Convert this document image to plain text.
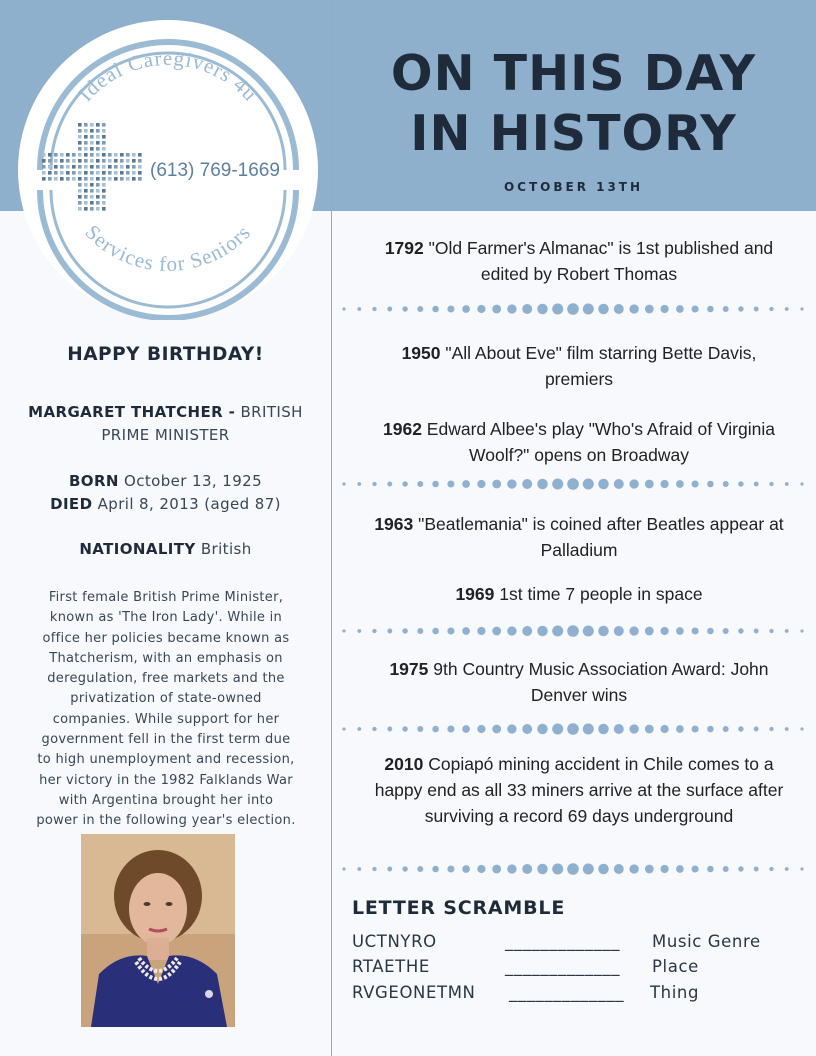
Ideal Caregivers 4u
Services for Seniors
(613) 769-1669
ON THIS DAY
IN HISTORY
OCTOBER 13TH
1792 "Old Farmer's Almanac" is 1st published and
edited by Robert Thomas
1950 "All About Eve" film starring Bette Davis,
premiers
1962 Edward Albee's play "Who's Afraid of Virginia
Woolf?" opens on Broadway
1963 "Beatlemania" is coined after Beatles appear at
Palladium
1969 1st time 7 people in space
1975 9th Country Music Association Award: John
Denver wins
2010 Copiapó mining accident in Chile comes to a
happy end as all 33 miners arrive at the surface after
surviving a record 69 days underground
HAPPY BIRTHDAY!
MARGARET THATCHER - BRITISH
PRIME MINISTER
BORN October 13, 1925
DIED April 8, 2013 (aged 87)
NATIONALITY British
First female British Prime Minister,
known as 'The Iron Lady'. While in
office her policies became known as
Thatcherism, with an emphasis on
deregulation, free markets and the
privatization of state-owned
companies. While support for her
government fell in the first term due
to high unemployment and recession,
her victory in the 1982 Falklands War
with Argentina brought her into
power in the following year's election.
LETTER SCRAMBLE
UCTNYRO	_____________ Music Genre
RTAETHE	_____________ Place
RVGEONETMN _____________ Thing
